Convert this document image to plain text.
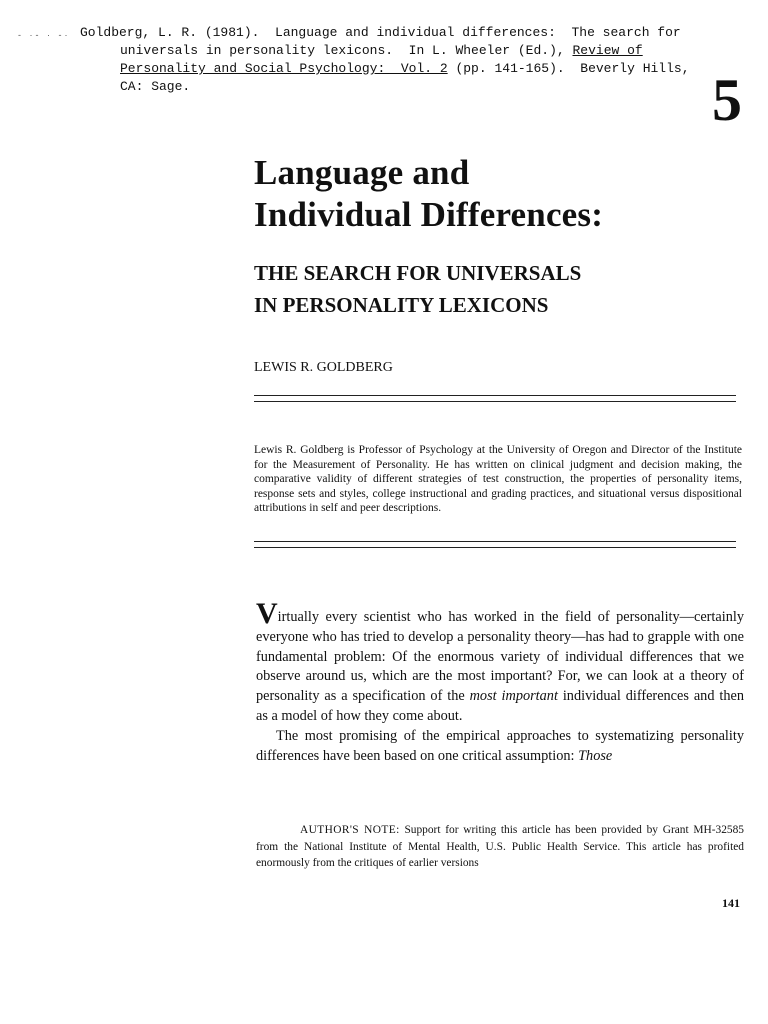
- ·- · -· Goldberg, L. R. (1981).  Language and individual differences:  The search for
universals in personality lexicons.  In L. Wheeler (Ed.), Review of
Personality and Social Psychology:  Vol. 2 (pp. 141-165).  Beverly Hills,
CA: Sage.	5
Language and
Individual Differences:
THE SEARCH FOR UNIVERSALS
IN PERSONALITY LEXICONS
LEWIS R. GOLDBERG
Lewis R. Goldberg is Professor of Psychology at the University of Oregon and Director of the Institute for the Measurement of Personality. He has written on clinical judgment and decision making, the comparative validity of different strategies of test construction, the properties of personality items, response sets and styles, college instructional and grading practices, and situational versus dispositional attributions in self and peer descriptions.

Virtually every scientist who has worked in the field of personality—certainly everyone who has tried to develop a personality theory—has had to grapple with one fundamental problem: Of the enormous variety of individual differences that we observe around us, which are the most important? For, we can look at a theory of personality as a specification of the most important individual differences and then as a model of how they come about.

The most promising of the empirical approaches to systematizing personality differences have been based on one critical assumption: Those

AUTHOR'S NOTE: Support for writing this article has been provided by Grant MH-32585 from the National Institute of Mental Health, U.S. Public Health Service. This article has profited enormously from the critiques of earlier versions
141
